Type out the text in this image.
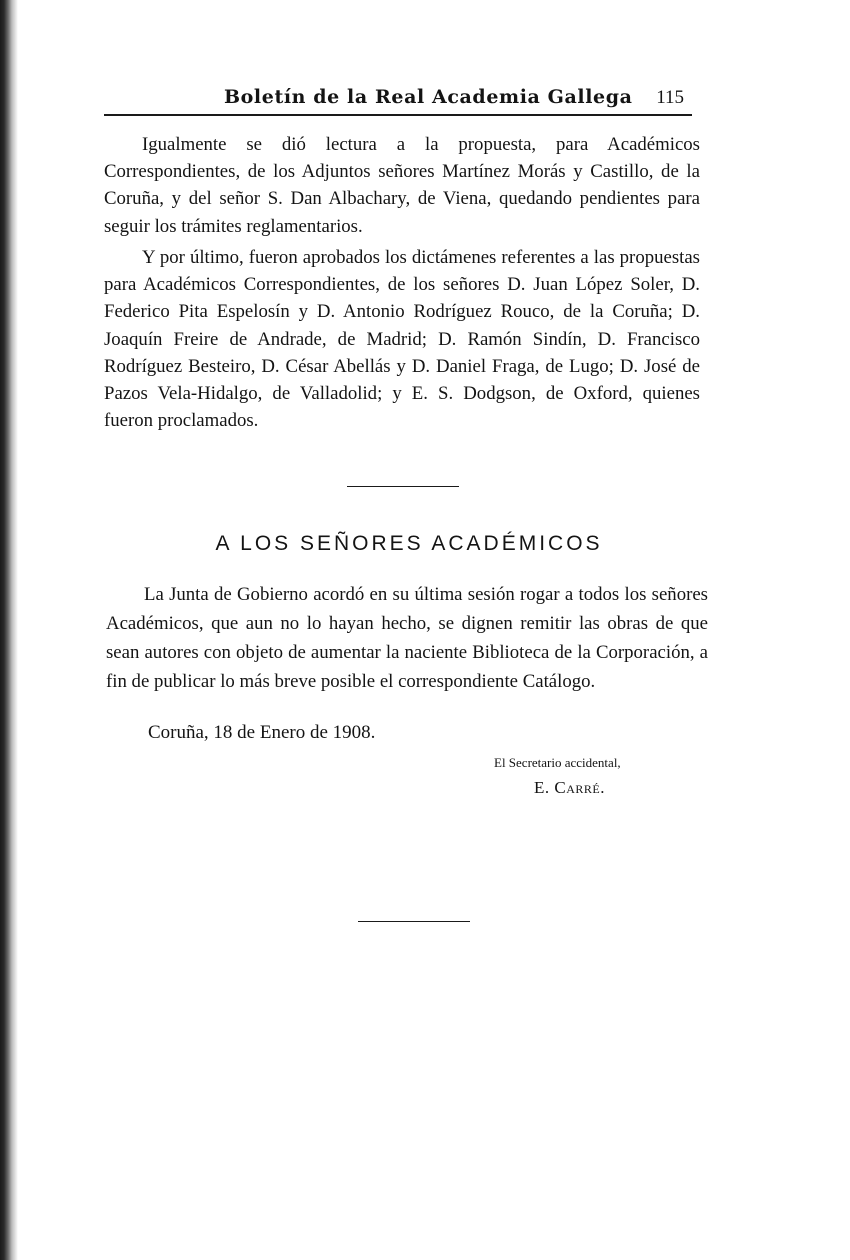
Boletín de la Real Academia Gallega 115

Igualmente se dió lectura a la propuesta, para Académicos Correspondientes, de los Adjuntos señores Martínez Morás y Castillo, de la Coruña, y del señor S. Dan Albachary, de Viena, quedando pendientes para seguir los trámites reglamentarios.

Y por último, fueron aprobados los dictámenes referentes a las propuestas para Académicos Correspondientes, de los señores D. Juan López Soler, D. Federico Pita Espelosín y D. Antonio Rodríguez Rouco, de la Coruña; D. Joaquín Freire de Andrade, de Madrid; D. Ramón Sindín, D. Francisco Rodríguez Besteiro, D. César Abellás y D. Daniel Fraga, de Lugo; D. José de Pazos Vela-Hidalgo, de Valladolid; y E. S. Dodgson, de Oxford, quienes fueron proclamados.

A LOS SEÑORES ACADÉMICOS

La Junta de Gobierno acordó en su última sesión rogar a todos los señores Académicos, que aun no lo hayan hecho, se dignen remitir las obras de que sean autores con objeto de aumentar la naciente Biblioteca de la Corporación, a fin de publicar lo más breve posible el correspondiente Catálogo.

Coruña, 18 de Enero de 1908.

El Secretario accidental,

E. Carré.
